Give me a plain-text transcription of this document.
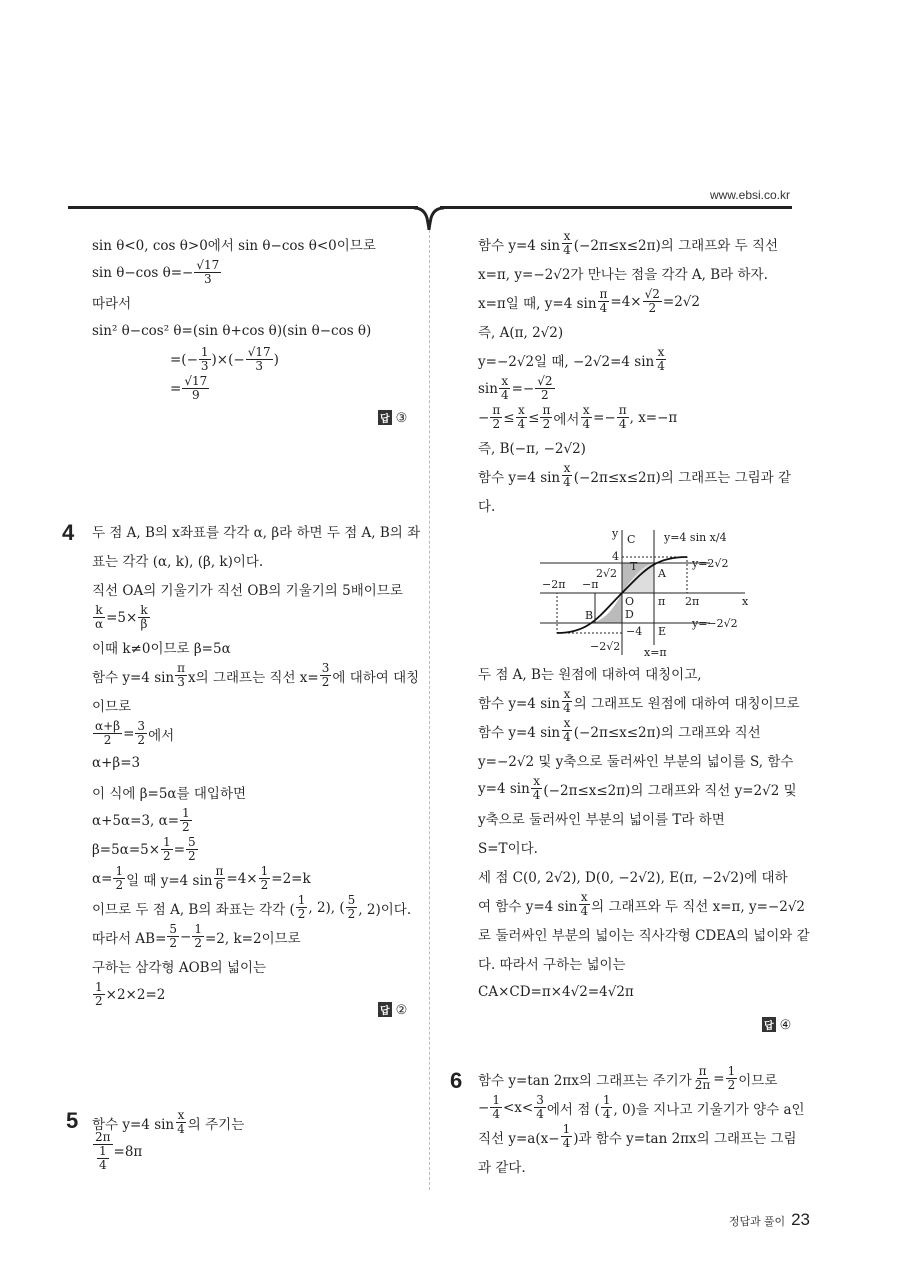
www.ebsi.co.kr
sin θ<0, cos θ>0에서 sin θ−cos θ<0이므로
sin θ−cos $\theta=- \frac{√17}{3}$
따라서
sin² θ−cos² θ=(sin θ+cos θ)(sin θ−cos θ)
=(− $\frac{1}{3}$ )×(− $\frac{√17}{3}$ )
= $\frac{√17}{9}$
답 ③
4 두 점 A, B의 x좌표를 각각 α, β라 하면 두 점 A, B의 좌
표는 각각 (α, k), (β, k)이다.
직선 OA의 기울기가 직선 OB의 기울기의 5배이므로
$\frac{k}{\alpha} =5\times \frac{k}{\beta}$
이때 k≠0이므로 β=5α
함수 y=4 $\sin \frac{\pi}{3}$ x의 그래프는 직선 $x= \frac{3}{2}$ 에 대하여 대칭
이므로
$\frac{\alpha+\beta}{2} = \frac{3}{2}$ 에서
α+β=3
이 식에 β=5α를 대입하면
α+5α=3, $\alpha= \frac{1}{2}$
$\beta=5\alpha=5\times \frac{1}{2} = \frac{5}{2}$
$\alpha= \frac{1}{2}$ 일 때 y=4 $\sin \frac{\pi}{6} =4\times \frac{1}{2} =2=k$
이므로 두 점 A, B의 좌표는 각각 ( $\frac{1}{2}$ , 2), ( $\frac{5}{2}$ , 2)이다.
따라서 $AB= \frac{5}{2} - \frac{1}{2} =2$, k=2이므로
구하는 삼각형 AOB의 넓이는
$\frac{1}{2} \times 2\times 2=2$
답 ②
5 함수 y=4 $\sin \frac{x}{4}$ 의 주기는
$\frac{2\pi}{\frac{1}{4}} =8\pi$
함수 y=4 $\sin \frac{x}{4} (-2\pi\le x\le 2\pi)$의 그래프와 두 직선
x=π, y=−2√2가 만나는 점을 각각 A, B라 하자.
x=π일 때, y=4 $\sin \frac{\pi}{4} =4\times \frac{√2}{2} =2√2$
즉, A(π, 2√2)
y=−2√2일 때, −2√2=4 $\sin \frac{x}{4}$
$\sin \frac{x}{4} =- \frac{√2}{2}$
− $\frac{\pi}{2} \le \frac{x}{4} \le \frac{\pi}{2}$ 에서 $\frac{x}{4} =- \frac{\pi}{4}$ , x=−π
즉, B(−π, −2√2)
함수 y=4 $\sin \frac{x}{4} (-2\pi\le x\le 2\pi)$의 그래프는 그림과 같
다.
y
x
C
A
O
B	D
E
T
π 2π
−2π −π
4
−4
2√2
−2√2
y=4 sin x/4
y=2√2
y=−2√2
x=π
두 점 A, B는 원점에 대하여 대칭이고,
함수 y=4 $\sin \frac{x}{4}$ 의 그래프도 원점에 대하여 대칭이므로
함수 y=4 $\sin \frac{x}{4} (-2\pi\le x\le 2\pi)$의 그래프와 직선
y=−2√2 및 y축으로 둘러싸인 부분의 넓이를 S, 함수
y=4 $\sin \frac{x}{4} (-2\pi\le x\le 2\pi)$의 그래프와 직선 y=2√2 및
y축으로 둘러싸인 부분의 넓이를 T라 하면
S=T이다.
세 점 C(0, 2√2), D(0, −2√2), E(π, −2√2)에 대하
여 함수 y=4 $\sin \frac{x}{4}$ 의 그래프와 두 직선 x=π, y=−2√2
로 둘러싸인 부분의 넓이는 직사각형 CDEA의 넓이와 같
다. 따라서 구하는 넓이는
CA×CD=π×4√2=4√2π
답 ④
6 함수 y=tan 2πx의 그래프는 주기가 $\frac{\pi}{2\pi} = \frac{1}{2}$ 이므로
− $\frac{1}{4} <x< \frac{3}{4}$ 에서 점 ( $\frac{1}{4}$ , 0)을 지나고 기울기가 양수 a인
직선 $y=a(x- \frac{1}{4}$ )과 함수 y=tan 2πx의 그래프는 그림
과 같다.
정답과 풀이 23
